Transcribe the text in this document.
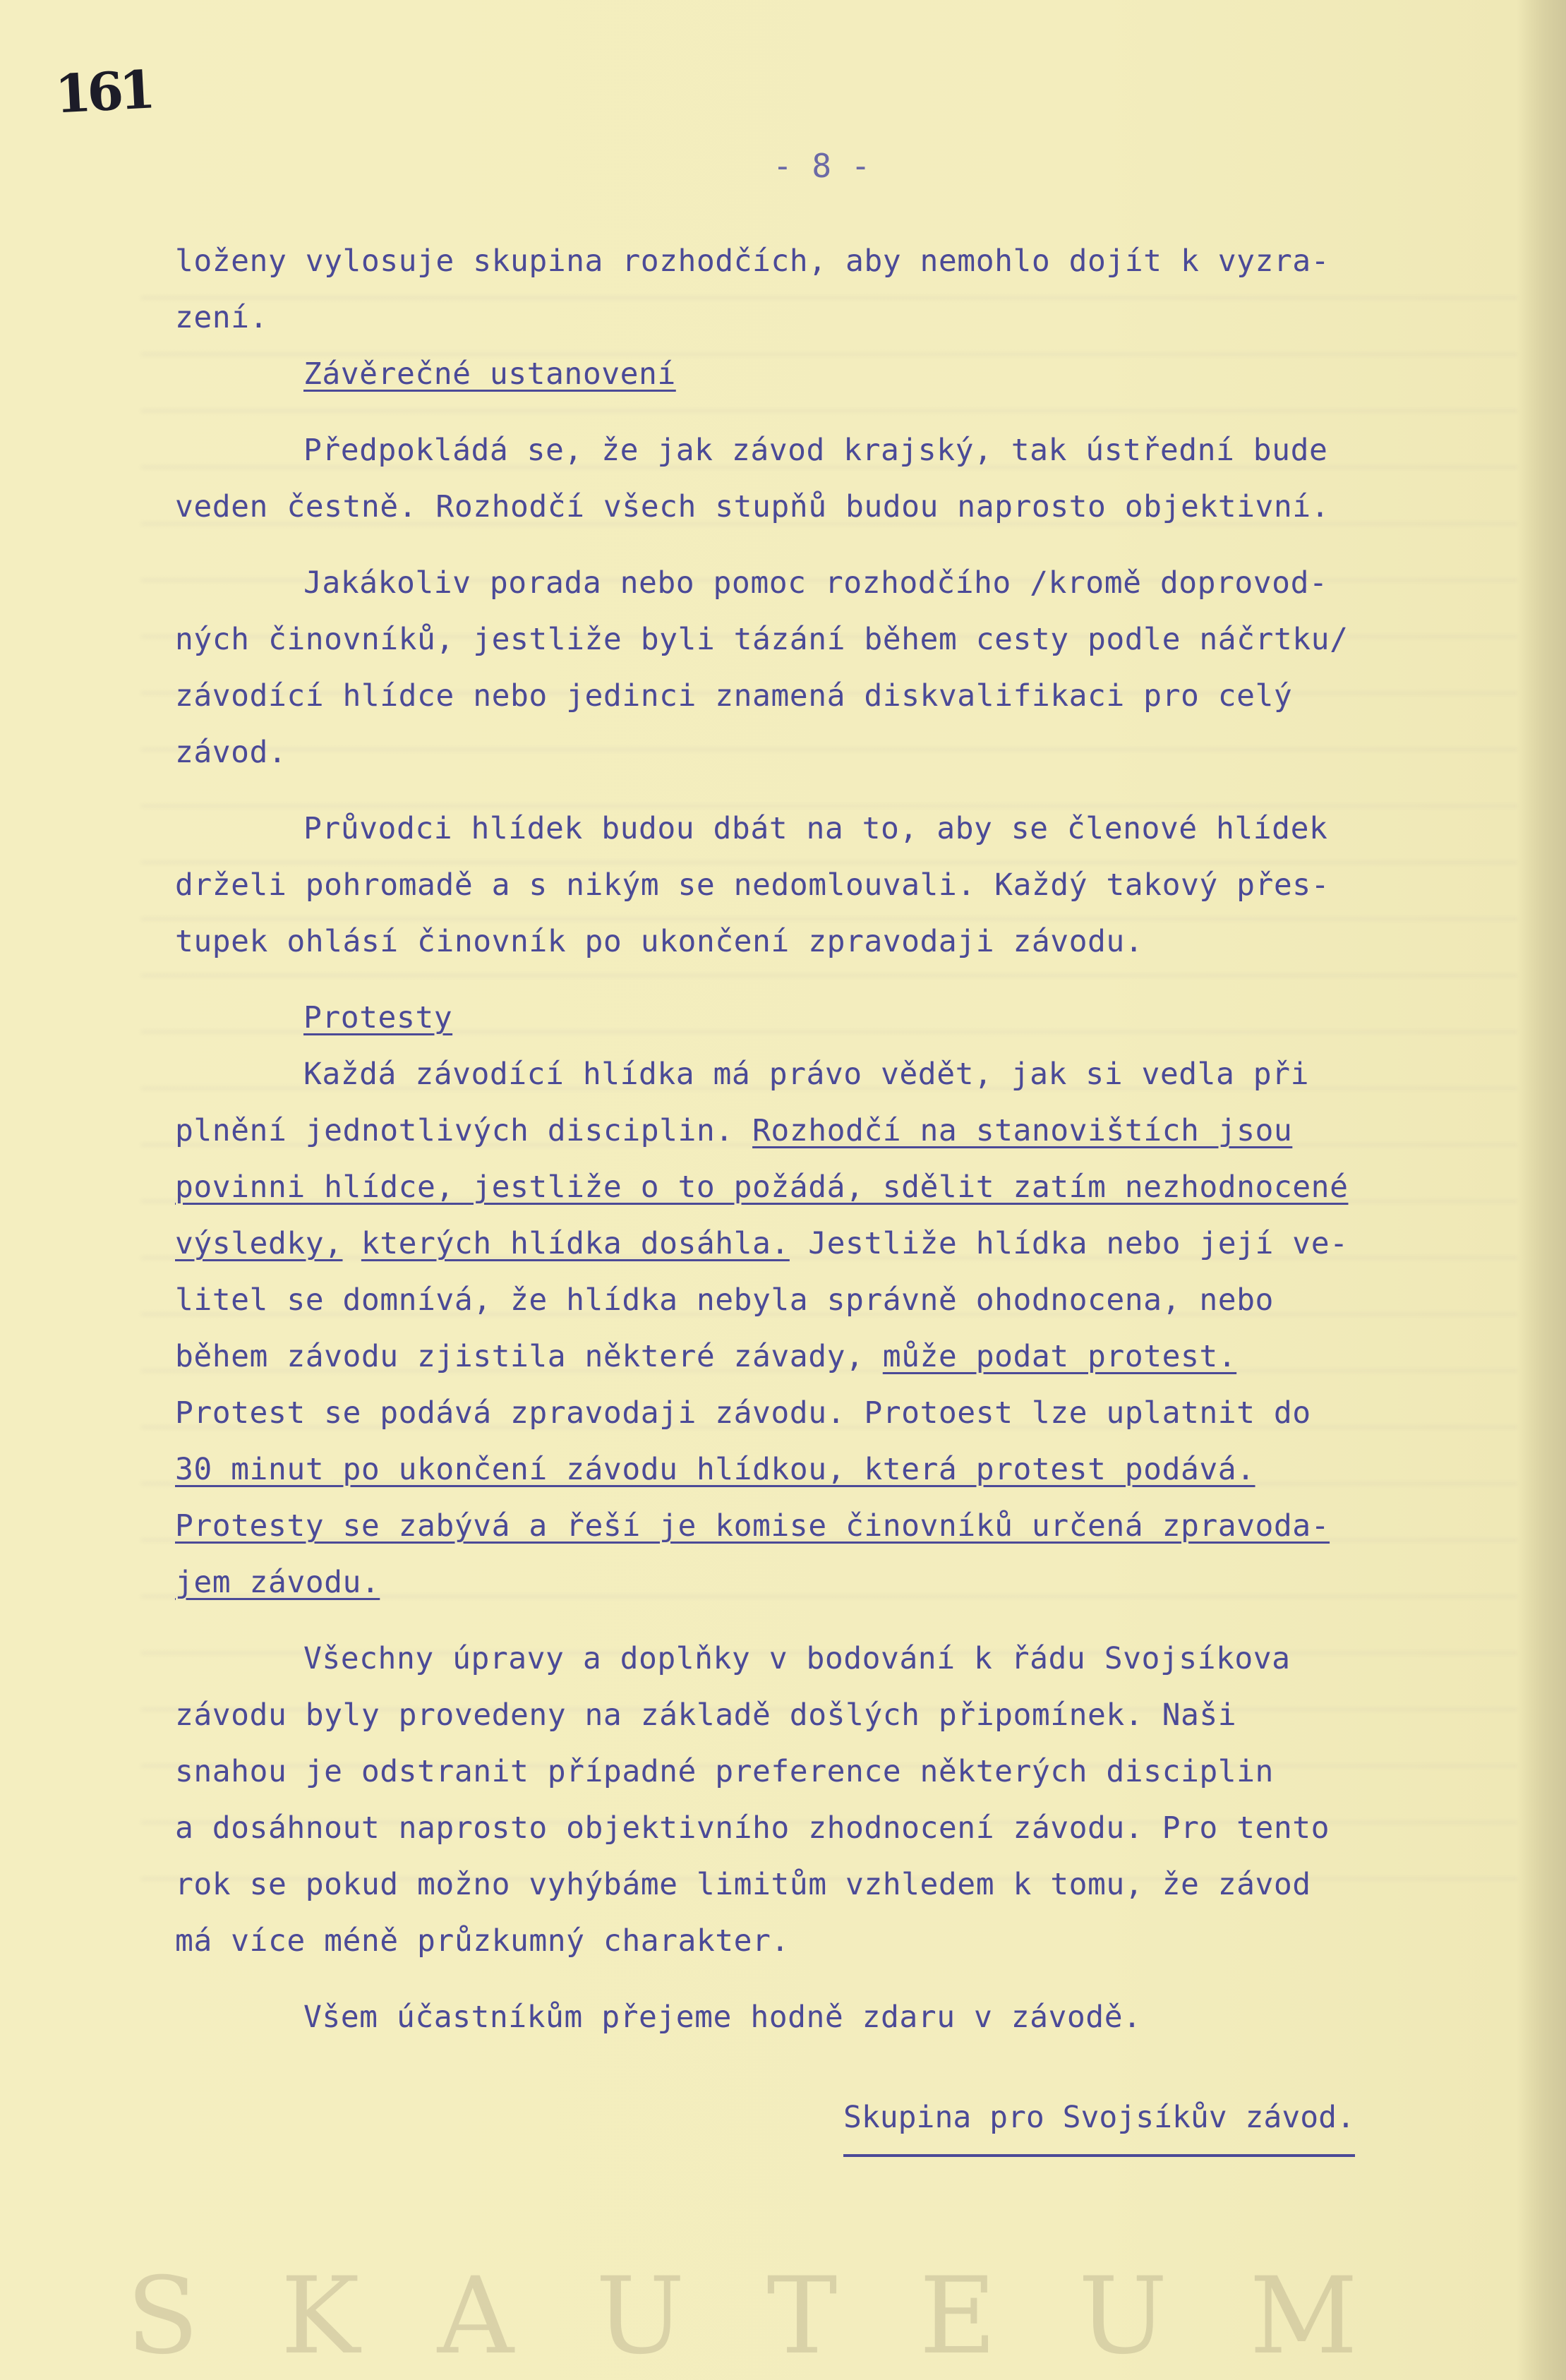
161
- 8 -
loženy vylosuje skupina rozhodčích, aby nemohlo dojít k vyzra-
zení.
Závěrečné ustanovení
Předpokládá se, že jak závod krajský, tak ústřední bude
veden čestně. Rozhodčí všech stupňů budou naprosto objektivní.
Jakákoliv porada nebo pomoc rozhodčího /kromě doprovod-
ných činovníků, jestliže byli tázání během cesty podle náčrtku/
závodící hlídce nebo jedinci znamená diskvalifikaci pro celý
závod.
Průvodci hlídek budou dbát na to, aby se členové hlídek
drželi pohromadě a s nikým se nedomlouvali. Každý takový přes-
tupek ohlásí činovník po ukončení zpravodaji závodu.
Protesty
Každá závodící hlídka má právo vědět, jak si vedla při
plnění jednotlivých disciplin. Rozhodčí na stanovištích jsou
povinni hlídce, jestliže o to požádá, sdělit zatím nezhodnocené
výsledky, kterých hlídka dosáhla. Jestliže hlídka nebo její ve-
litel se domnívá, že hlídka nebyla správně ohodnocena, nebo
během závodu zjistila některé závady, může podat protest.
Protest se podává zpravodaji závodu. Protoest lze uplatnit do
30 minut po ukončení závodu hlídkou, která protest podává.
Protesty se zabývá a řeší je komise činovníků určená zpravoda-
jem závodu.
Všechny úpravy a doplňky v bodování k řádu Svojsíkova
závodu byly provedeny na základě došlých připomínek. Naši
snahou je odstranit případné preference některých disciplin
a dosáhnout naprosto objektivního zhodnocení závodu. Pro tento
rok se pokud možno vyhýbáme limitům vzhledem k tomu, že závod
má více méně průzkumný charakter.
Všem účastníkům přejeme hodně zdaru v závodě.
Skupina pro Svojsíkův závod.
SKAUTEUM
